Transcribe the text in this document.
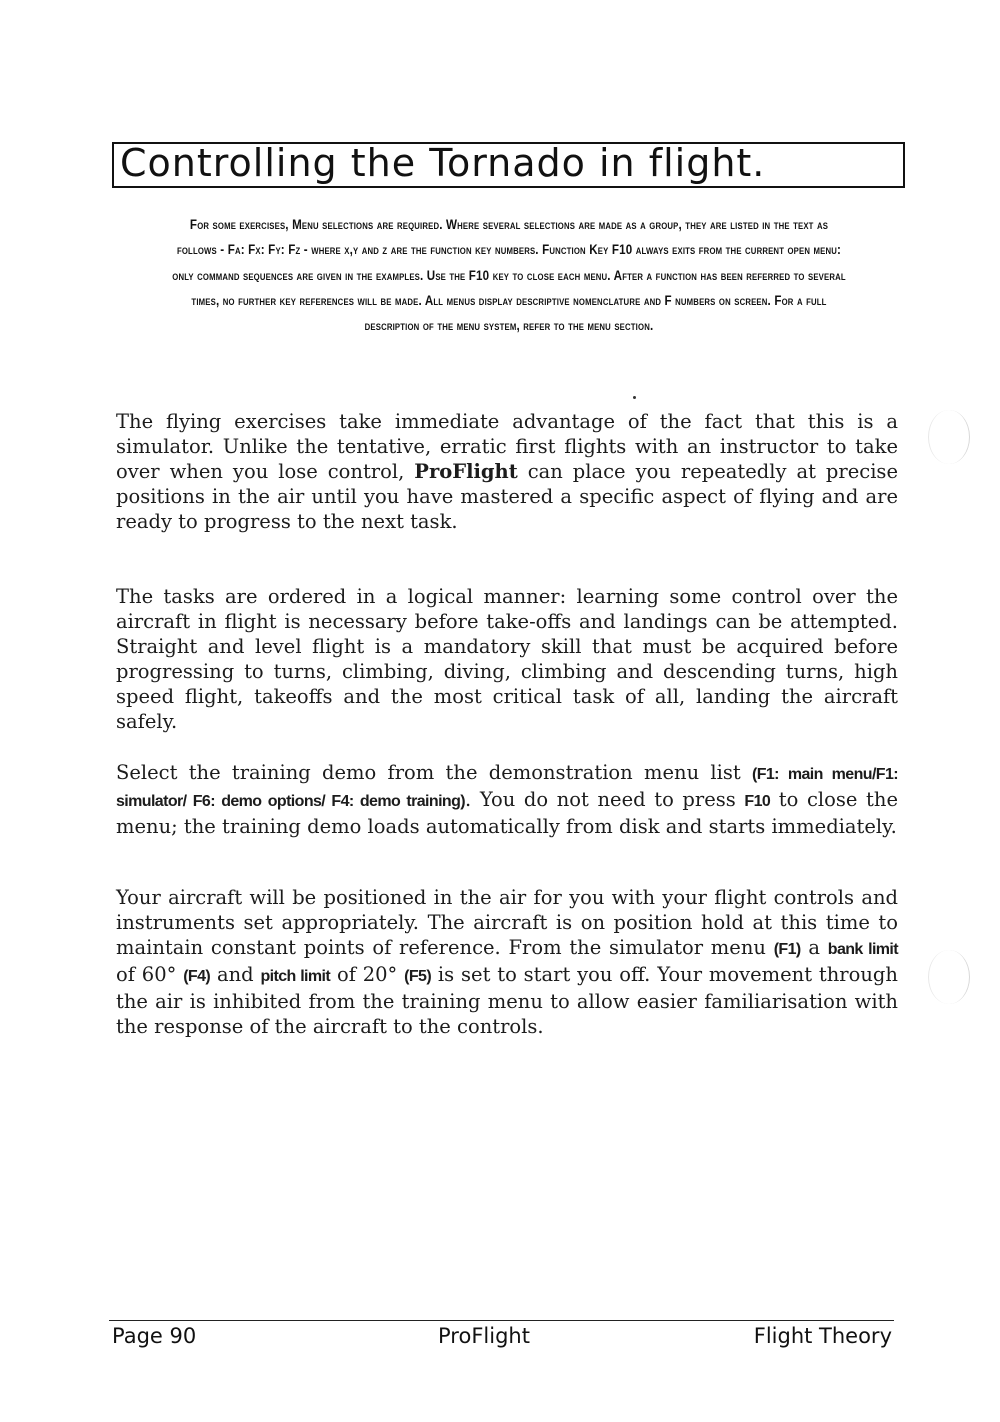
Controlling the Tornado in flight.
For some exercises, Menu selections are required. Where several selections are made as a group, they are listed in the text as follows - Fa: Fx: Fy: Fz - where x,y and z are the function key numbers. Function Key F10 always exits from the current open menu: only command sequences are given in the examples. Use the F10 key to close each menu. After a function has been referred to several times, no further key references will be made. All menus display descriptive nomenclature and F numbers on screen. For a full description of the menu system, refer to the menu section.
The flying exercises take immediate advantage of the fact that this is a simulator. Unlike the tentative, erratic first flights with an instructor to take over when you lose control, ProFlight can place you repeatedly at precise positions in the air until you have mastered a specific aspect of flying and are ready to progress to the next task.
The tasks are ordered in a logical manner: learning some control over the aircraft in flight is necessary before take-offs and landings can be attempted. Straight and level flight is a mandatory skill that must be acquired before progressing to turns, climbing, diving, climbing and descending turns, high speed flight, takeoffs and the most critical task of all, landing the aircraft safely.
Select the training demo from the demonstration menu list (F1: main menu/F1: simulator/ F6: demo options/ F4: demo training). You do not need to press F10 to close the menu; the training demo loads automatically from disk and starts immediately.
Your aircraft will be positioned in the air for you with your flight controls and instruments set appropriately. The aircraft is on position hold at this time to maintain constant points of reference. From the simulator menu (F1) a bank limit of 60° (F4) and pitch limit of 20° (F5) is set to start you off. Your movement through the air is inhibited from the training menu to allow easier familiarisation with the response of the aircraft to the controls.
Page 90	ProFlight	Flight Theory
